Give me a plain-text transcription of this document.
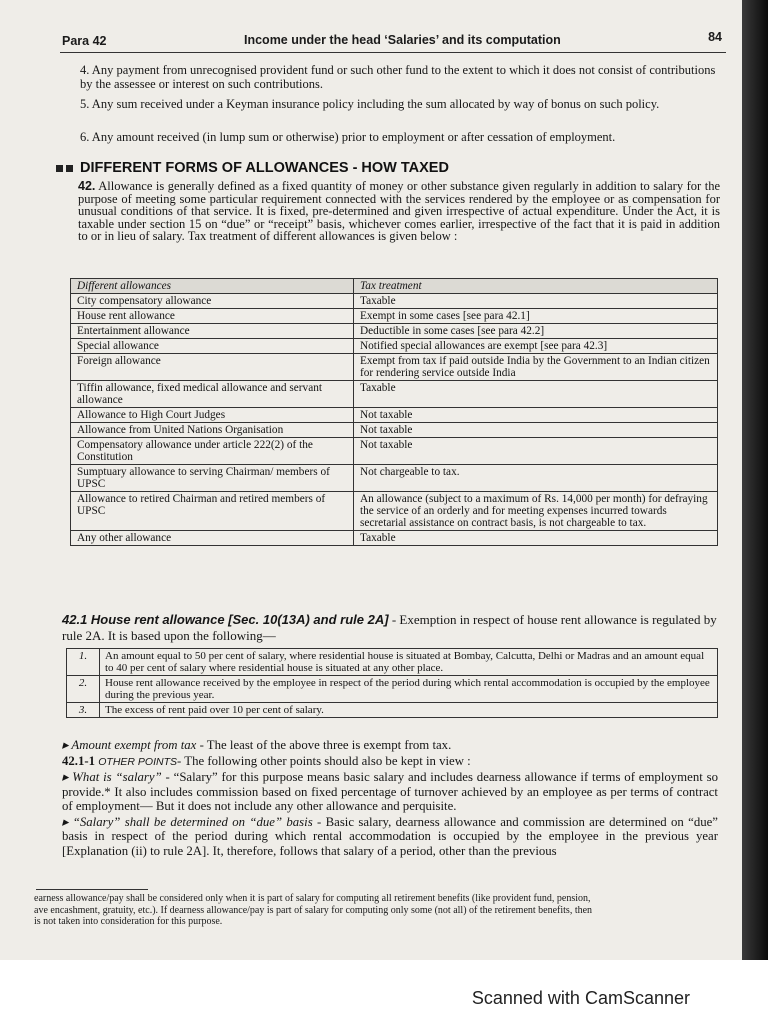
Para 42	Income under the head ‘Salaries’ and its computation	84

4. Any payment from unrecognised provident fund or such other fund to the extent to which it does not consist of contributions by the assessee or interest on such contributions.

5. Any sum received under a Keyman insurance policy including the sum allocated by way of bonus on such policy.

6. Any amount received (in lump sum or otherwise) prior to employment or after cessation of employment.

DIFFERENT FORMS OF ALLOWANCES - HOW TAXED
42. Allowance is generally defined as a fixed quantity of money or other substance given regularly in addition to salary for the purpose of meeting some particular requirement connected with the services rendered by the employee or as compensation for unusual conditions of that service. It is fixed, pre-determined and given irrespective of actual expenditure. Under the Act, it is taxable under section 15 on “due” or “receipt” basis, whichever comes earlier, irrespective of the fact that it is paid in addition to or in lieu of salary. Tax treatment of different allowances is given below :
Different allowances	Tax treatment
City compensatory allowance	Taxable
House rent allowance	Exempt in some cases [see para 42.1]
Entertainment allowance	Deductible in some cases [see para 42.2]
Special allowance	Notified special allowances are exempt [see para 42.3]
Foreign allowance	Exempt from tax if paid outside India by the Government to an Indian citizen for rendering service outside India
Tiffin allowance, fixed medical allowance and servant allowance	Taxable
Allowance to High Court Judges	Not taxable
Allowance from United Nations Organisation	Not taxable
Compensatory allowance under article 222(2) of the Constitution	Not taxable
Sumptuary allowance to serving Chairman/ members of UPSC	Not chargeable to tax.
Allowance to retired Chairman and retired members of UPSC	An allowance (subject to a maximum of Rs. 14,000 per month) for defraying the service of an orderly and for meeting expenses incurred towards secretarial assistance on contract basis, is not chargeable to tax.
Any other allowance	Taxable
42.1 House rent allowance [Sec. 10(13A) and rule 2A] - Exemption in respect of house rent allowance is regulated by rule 2A. It is based upon the following—
1.	An amount equal to 50 per cent of salary, where residential house is situated at Bombay, Calcutta, Delhi or Madras and an amount equal to 40 per cent of salary where residential house is situated at any other place.
2.	House rent allowance received by the employee in respect of the period during which rental accommodation is occupied by the employee during the previous year.
3.	The excess of rent paid over 10 per cent of salary.

▸ Amount exempt from tax - The least of the above three is exempt from tax.

42.1-1 OTHER POINTS- The following other points should also be kept in view :

▸ What is “salary” - “Salary” for this purpose means basic salary and includes dearness allowance if terms of employment so provide.* It also includes commission based on fixed percentage of turnover achieved by an employee as per terms of contract of employment— But it does not include any other allowance and perquisite.

▸ “Salary” shall be determined on “due” basis - Basic salary, dearness allowance and commission are determined on “due” basis in respect of the period during which rental accommodation is occupied by the employee in the previous year [Explanation (ii) to rule 2A]. It, therefore, follows that salary of a period, other than the previous

earness allowance/pay shall be considered only when it is part of salary for computing all retirement benefits (like provident fund, pension,

ave encashment, gratuity, etc.). If dearness allowance/pay is part of salary for computing only some (not all) of the retirement benefits, then

is not taken into consideration for this purpose.

Scanned with CamScanner
